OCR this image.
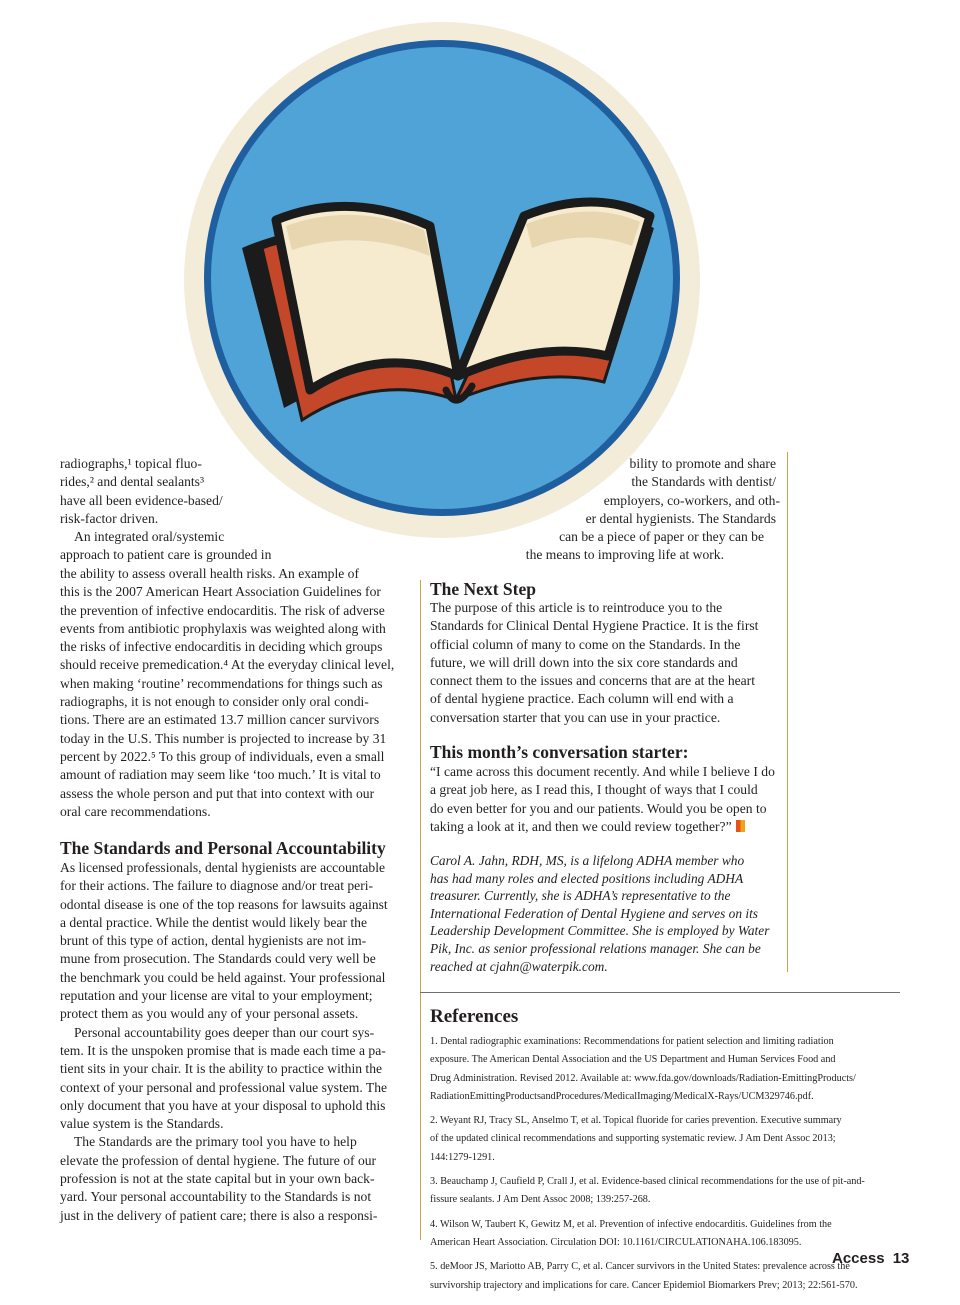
radiographs,¹ topical fluo-
rides,² and dental sealants³
have all been evidence-based/
risk-factor driven.
An integrated oral/systemic
approach to patient care is grounded in
the ability to assess overall health risks. An example of
this is the 2007 American Heart Association Guidelines for
the prevention of infective endocarditis. The risk of adverse
events from antibiotic prophylaxis was weighted along with
the risks of infective endocarditis in deciding which groups
should receive premedication.⁴ At the everyday clinical level,
when making ‘routine’ recommendations for things such as
radiographs, it is not enough to consider only oral condi-
tions. There are an estimated 13.7 million cancer survivors
today in the U.S. This number is projected to increase by 31
percent by 2022.⁵ To this group of individuals, even a small
amount of radiation may seem like ‘too much.’ It is vital to
assess the whole person and put that into context with our
oral care recommendations.
The Standards and Personal Accountability
As licensed professionals, dental hygienists are accountable
for their actions. The failure to diagnose and/or treat peri-
odontal disease is one of the top reasons for lawsuits against
a dental practice. While the dentist would likely bear the
brunt of this type of action, dental hygienists are not im-
mune from prosecution. The Standards could very well be
the benchmark you could be held against. Your professional
reputation and your license are vital to your employment;
protect them as you would any of your personal assets.
Personal accountability goes deeper than our court sys-
tem. It is the unspoken promise that is made each time a pa-
tient sits in your chair. It is the ability to practice within the
context of your personal and professional value system. The
only document that you have at your disposal to uphold this
value system is the Standards.
The Standards are the primary tool you have to help
elevate the profession of dental hygiene. The future of our
profession is not at the state capital but in your own back-
yard. Your personal accountability to the Standards is not
just in the delivery of patient care; there is also a responsi-
bility to promote and share
the Standards with dentist/
employers, co-workers, and oth-
er dental hygienists. The Standards
can be a piece of paper or they can be
the means to improving life at work.
The Next Step
The purpose of this article is to reintroduce you to the
Standards for Clinical Dental Hygiene Practice. It is the first
official column of many to come on the Standards. In the
future, we will drill down into the six core standards and
connect them to the issues and concerns that are at the heart
of dental hygiene practice. Each column will end with a
conversation starter that you can use in your practice.
This month’s conversation starter:
“I came across this document recently. And while I believe I do
a great job here, as I read this, I thought of ways that I could
do even better for you and our patients. Would you be open to
taking a look at it, and then we could review together?”
Carol A. Jahn, RDH, MS, is a lifelong ADHA member who
has had many roles and elected positions including ADHA
treasurer. Currently, she is ADHA’s representative to the
International Federation of Dental Hygiene and serves on its
Leadership Development Committee. She is employed by Water
Pik, Inc. as senior professional relations manager. She can be
reached at cjahn@waterpik.com.
References
1. Dental radiographic examinations: Recommendations for patient selection and limiting radiation
exposure. The American Dental Association and the US Department and Human Services Food and
Drug Administration. Revised 2012. Available at: www.fda.gov/downloads/Radiation-EmittingProducts/
RadiationEmittingProductsandProcedures/MedicalImaging/MedicalX-Rays/UCM329746.pdf.
2. Weyant RJ, Tracy SL, Anselmo T, et al. Topical fluoride for caries prevention. Executive summary
of the updated clinical recommendations and supporting systematic review. J Am Dent Assoc 2013;
144:1279-1291.
3. Beauchamp J, Caufield P, Crall J, et al. Evidence-based clinical recommendations for the use of pit-and-
fissure sealants. J Am Dent Assoc 2008; 139:257-268.
4. Wilson W, Taubert K, Gewitz M, et al. Prevention of infective endocarditis. Guidelines from the
American Heart Association. Circulation DOI: 10.1161/CIRCULATIONAHA.106.183095.
5. deMoor JS, Mariotto AB, Parry C, et al. Cancer survivors in the United States: prevalence across the
survivorship trajectory and implications for care. Cancer Epidemiol Biomarkers Prev; 2013; 22:561-570.
Access 13
